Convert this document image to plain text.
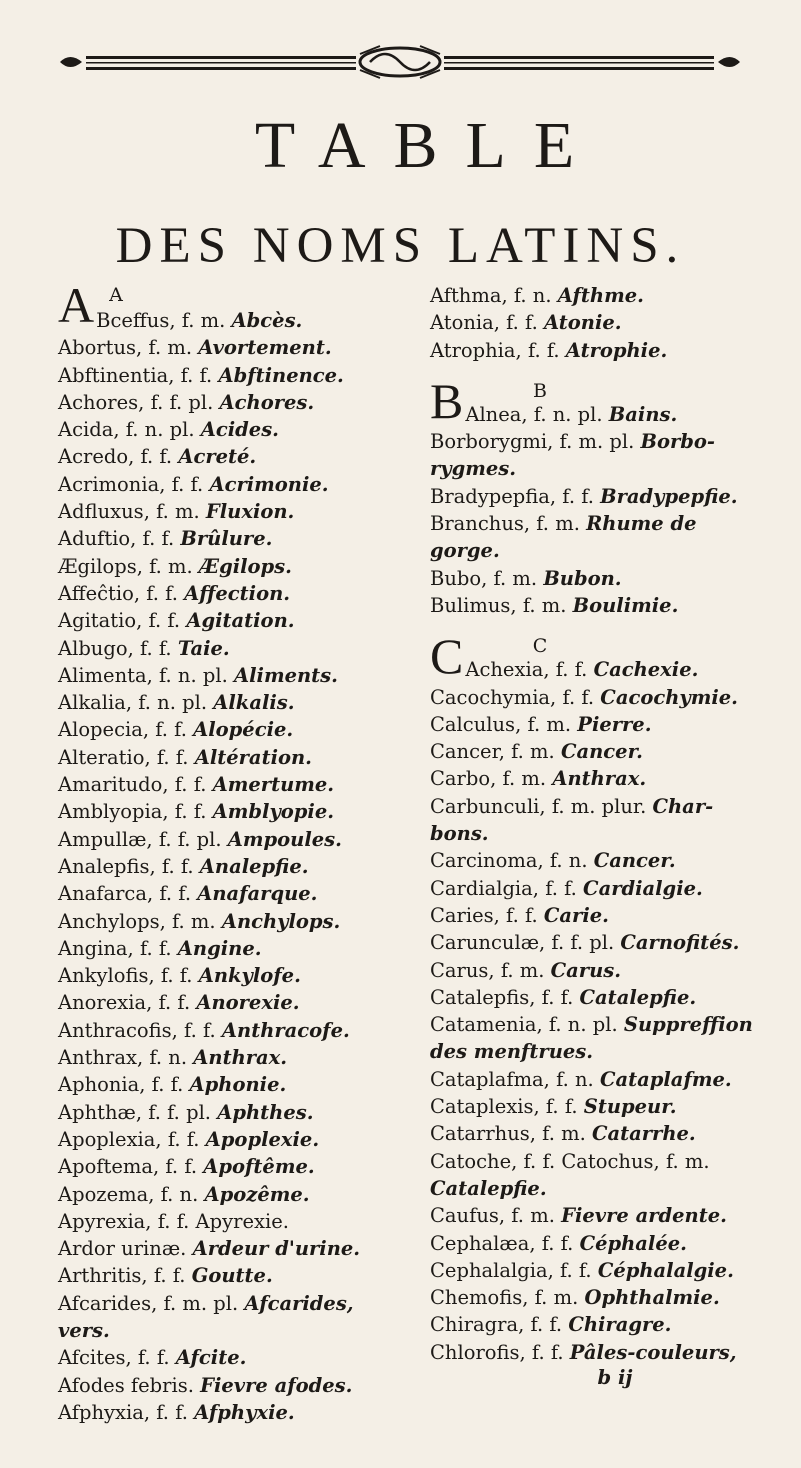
TABLE
DES NOMS LATINS.
A
A Bceffus, f. m. Abcès.
Abortus, f. m. Avortement.
Abftinentia, f. f. Abftinence.
Achores, f. f. pl. Achores.
Acida, f. n. pl. Acides.
Acredo, f. f. Acreté.
Acrimonia, f. f. Acrimonie.
Adfluxus, f. m. Fluxion.
Aduftio, f. f. Brûlure.
Ægilops, f. m. Ægilops.
Affeĉtio, f. f. Affection.
Agitatio, f. f. Agitation.
Albugo, f. f. Taie.
Alimenta, f. n. pl. Aliments.
Alkalia, f. n. pl. Alkalis.
Alopecia, f. f. Alopécie.
Alteratio, f. f. Altération.
Amaritudo, f. f. Amertume.
Amblyopia, f. f. Amblyopie.
Ampullæ, f. f. pl. Ampoules.
Analepfis, f. f. Analepfie.
Anafarca, f. f. Anafarque.
Anchylops, f. m. Anchylops.
Angina, f. f. Angine.
Ankylofis, f. f. Ankylofe.
Anorexia, f. f. Anorexie.
Anthracofis, f. f. Anthracofe.
Anthrax, f. n. Anthrax.
Aphonia, f. f. Aphonie.
Aphthæ, f. f. pl. Aphthes.
Apoplexia, f. f. Apoplexie.
Apoftema, f. f. Apoftême.
Apozema, f. n. Apozême.
Apyrexia, f. f. Apyrexie.
Ardor urinæ. Ardeur d'urine.
Arthritis, f. f. Goutte.
Afcarides, f. m. pl. Afcarides,
vers.
Afcites, f. f. Afcite.
Afodes febris. Fievre afodes.
Afphyxia, f. f. Afphyxie.
Afthma, f. n. Afthme.
Atonia, f. f. Atonie.
Atrophia, f. f. Atrophie.
B
B Alnea, f. n. pl. Bains.
Borborygmi, f. m. pl. Borbo-
rygmes.
Bradypepfia, f. f. Bradypepfie.
Branchus, f. m. Rhume de
gorge.
Bubo, f. m. Bubon.
Bulimus, f. m. Boulimie.
C
C Achexia, f. f. Cachexie.
Cacochymia, f. f. Cacochymie.
Calculus, f. m. Pierre.
Cancer, f. m. Cancer.
Carbo, f. m. Anthrax.
Carbunculi, f. m. plur. Char-
bons.
Carcinoma, f. n. Cancer.
Cardialgia, f. f. Cardialgie.
Caries, f. f. Carie.
Carunculæ, f. f. pl. Carnofités.
Carus, f. m. Carus.
Catalepfis, f. f. Catalepfie.
Catamenia, f. n. pl. Suppreffion
des menftrues.
Cataplafma, f. n. Cataplafme.
Cataplexis, f. f. Stupeur.
Catarrhus, f. m. Catarrhe.
Catoche, f. f. Catochus, f. m.
Catalepfie.
Caufus, f. m. Fievre ardente.
Cephalæa, f. f. Céphalée.
Cephalalgia, f. f. Céphalalgie.
Chemofis, f. m. Ophthalmie.
Chiragra, f. f. Chiragre.
Chlorofis, f. f. Pâles-couleurs,
b ij
